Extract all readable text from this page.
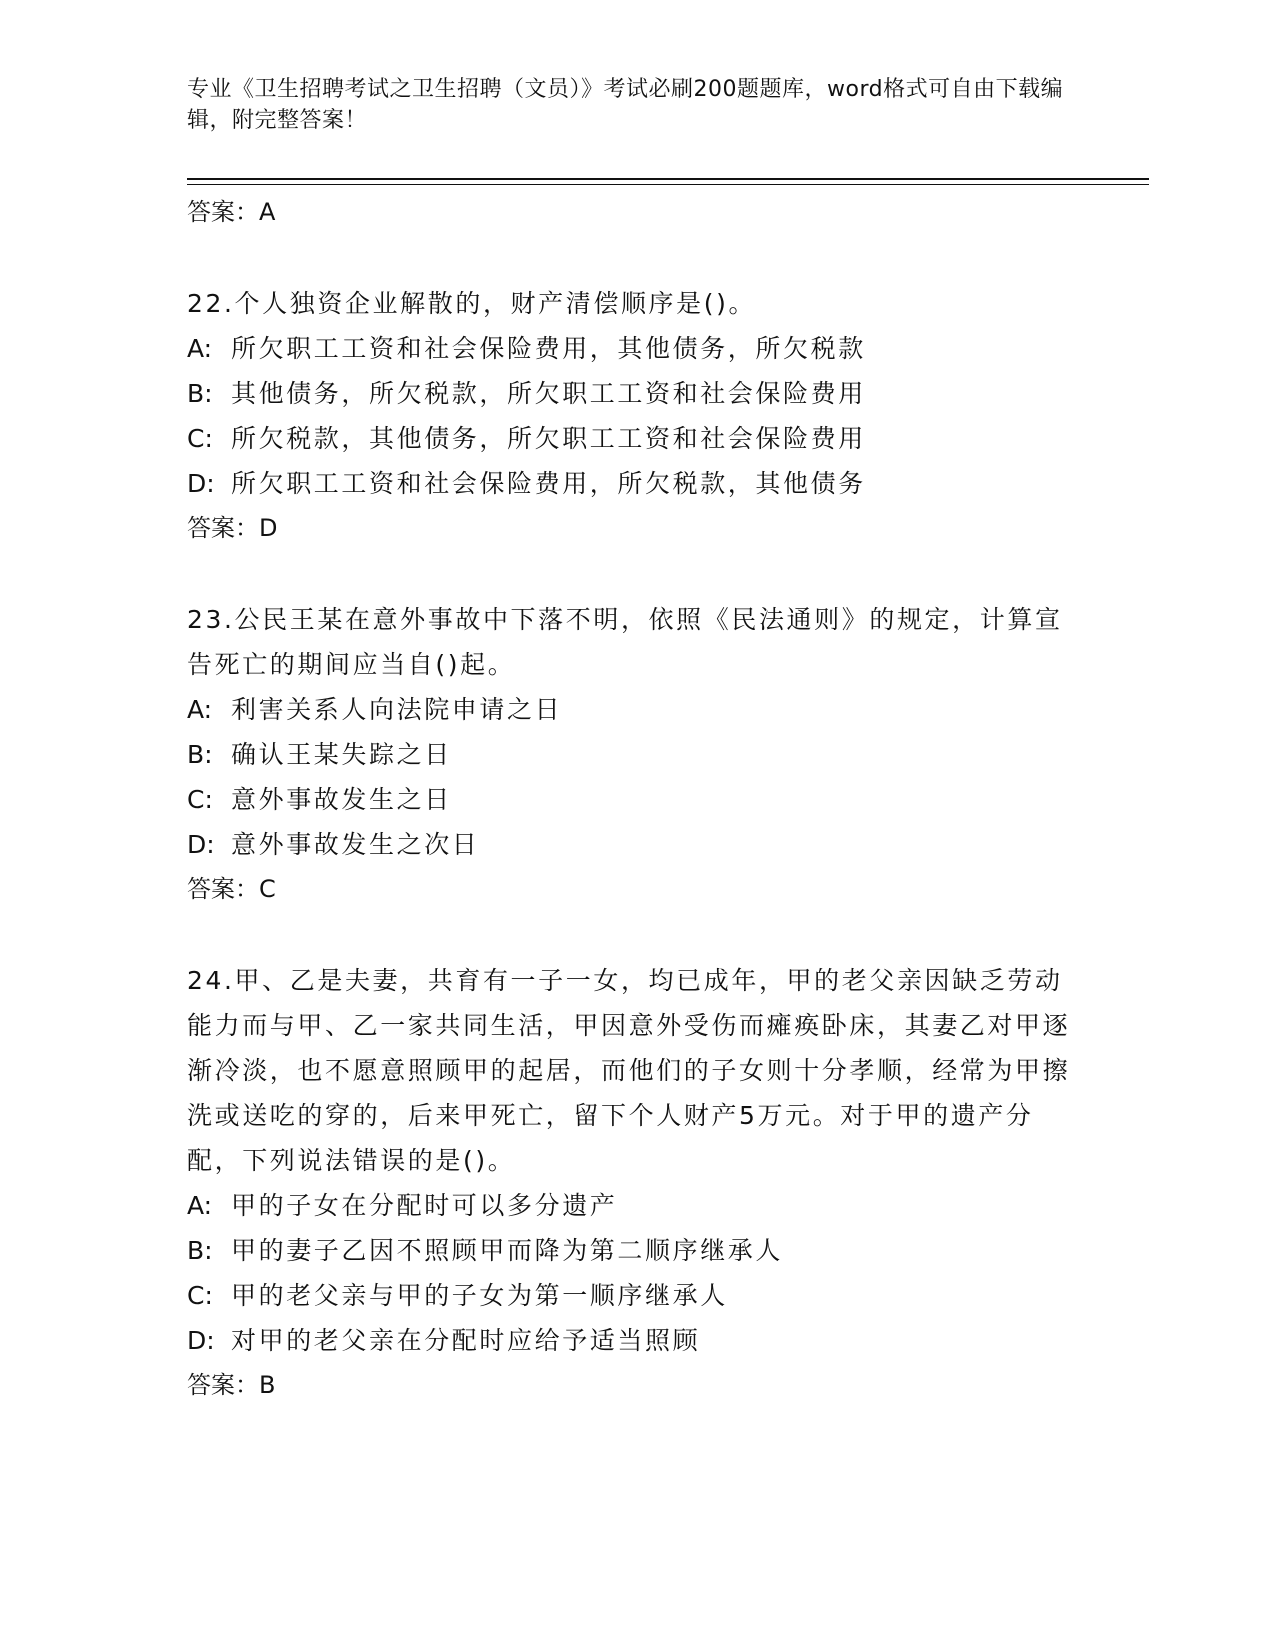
专业《卫生招聘考试之卫生招聘（文员）》考试必刷200题题库，word格式可自由下载编辑，附完整答案！
答案：A
22.个人独资企业解散的，财产清偿顺序是()。
A: 所欠职工工资和社会保险费用，其他债务，所欠税款
B: 其他债务，所欠税款，所欠职工工资和社会保险费用
C: 所欠税款，其他债务，所欠职工工资和社会保险费用
D: 所欠职工工资和社会保险费用，所欠税款，其他债务
答案：D
23.公民王某在意外事故中下落不明，依照《民法通则》的规定，计算宣告死亡的期间应当自()起。
A: 利害关系人向法院申请之日
B: 确认王某失踪之日
C: 意外事故发生之日
D: 意外事故发生之次日
答案：C
24.甲、乙是夫妻，共育有一子一女，均已成年，甲的老父亲因缺乏劳动能力而与甲、乙一家共同生活，甲因意外受伤而瘫痪卧床，其妻乙对甲逐渐冷淡，也不愿意照顾甲的起居，而他们的子女则十分孝顺，经常为甲擦洗或送吃的穿的，后来甲死亡，留下个人财产5万元。对于甲的遗产分配，下列说法错误的是()。
A: 甲的子女在分配时可以多分遗产
B: 甲的妻子乙因不照顾甲而降为第二顺序继承人
C: 甲的老父亲与甲的子女为第一顺序继承人
D: 对甲的老父亲在分配时应给予适当照顾
答案：B
